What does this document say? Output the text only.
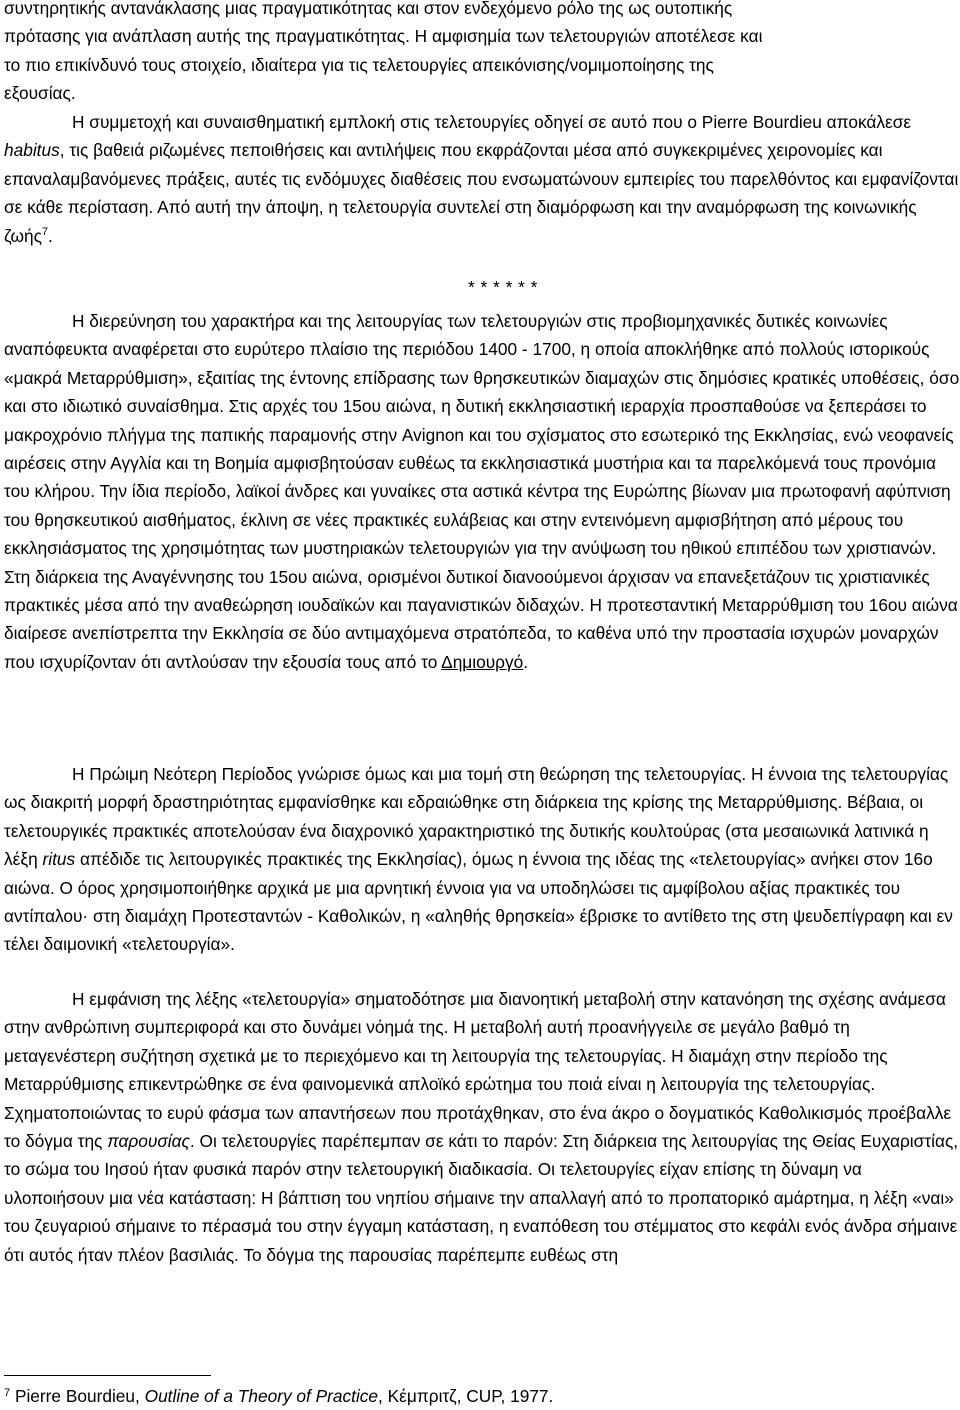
συντηρητικής αντανάκλασης μιας πραγματικότητας και στον ενδεχόμενο ρόλο της ως ουτοπικής
πρότασης για ανάπλαση αυτής της πραγματικότητας. Η αμφισημία των τελετουργιών αποτέλεσε και
το πιο επικίνδυνό τους στοιχείο, ιδιαίτερα για τις τελετουργίες απεικόνισης/νομιμοποίησης της
εξουσίας.

Η συμμετοχή και συναισθηματική εμπλοκή στις τελετουργίες οδηγεί σε αυτό που ο Pierre Bourdieu αποκάλεσε habitus, τις βαθειά ριζωμένες πεποιθήσεις και αντιλήψεις που εκφράζονται μέσα από συγκεκριμένες χειρονομίες και επαναλαμβανόμενες πράξεις, αυτές τις ενδόμυχες διαθέσεις που ενσωματώνουν εμπειρίες του παρελθόντος και εμφανίζονται σε κάθε περίσταση. Από αυτή την άποψη, η τελετουργία συντελεί στη διαμόρφωση και την αναμόρφωση της κοινωνικής ζωής$^7$.

* * * * * *

Η διερεύνηση του χαρακτήρα και της λειτουργίας των τελετουργιών στις προβιομηχανικές δυτικές κοινωνίες αναπόφευκτα αναφέρεται στο ευρύτερο πλαίσιο της περιόδου 1400 - 1700, η οποία αποκλήθηκε από πολλούς ιστορικούς «μακρά Μεταρρύθμιση», εξαιτίας της έντονης επίδρασης των θρησκευτικών διαμαχών στις δημόσιες κρατικές υποθέσεις, όσο και στο ιδιωτικό συναίσθημα. Στις αρχές του 15ου αιώνα, η δυτική εκκλησιαστική ιεραρχία προσπαθούσε να ξεπεράσει το μακροχρόνιο πλήγμα της παπικής παραμονής στην Avignon και του σχίσματος στο εσωτερικό της Εκκλησίας, ενώ νεοφανείς αιρέσεις στην Αγγλία και τη Βοημία αμφισβητούσαν ευθέως τα εκκλησιαστικά μυστήρια και τα παρελκόμενά τους προνόμια του κλήρου. Την ίδια περίοδο, λαϊκοί άνδρες και γυναίκες στα αστικά κέντρα της Ευρώπης βίωναν μια πρωτοφανή αφύπνιση του θρησκευτικού αισθήματος, έκλινη σε νέες πρακτικές ευλάβειας και στην εντεινόμενη αμφισβήτηση από μέρους του εκκλησιάσματος της χρησιμότητας των μυστηριακών τελετουργιών για την ανύψωση του ηθικού επιπέδου των χριστιανών. Στη διάρκεια της Αναγέννησης του 15ου αιώνα, ορισμένοι δυτικοί διανοούμενοι άρχισαν να επανεξετάζουν τις χριστιανικές πρακτικές μέσα από την αναθεώρηση ιουδαϊκών και παγανιστικών διδαχών. Η προτεσταντική Μεταρρύθμιση του 16ου αιώνα διαίρεσε ανεπίστρεπτα την Εκκλησία σε δύο αντιμαχόμενα στρατόπεδα, το καθένα υπό την προστασία ισχυρών μοναρχών που ισχυρίζονταν ότι αντλούσαν την εξουσία τους από το Δημιουργό.

Η Πρώιμη Νεότερη Περίοδος γνώρισε όμως και μια τομή στη θεώρηση της τελετουργίας. Η έννοια της τελετουργίας ως διακριτή μορφή δραστηριότητας εμφανίσθηκε και εδραιώθηκε στη διάρκεια της κρίσης της Μεταρρύθμισης. Βέβαια, οι τελετουργικές πρακτικές αποτελούσαν ένα διαχρονικό χαρακτηριστικό της δυτικής κουλτούρας (στα μεσαιωνικά λατινικά η λέξη ritus απέδιδε τις λειτουργικές πρακτικές της Εκκλησίας), όμως η έννοια της ιδέας της «τελετουργίας» ανήκει στον 16ο αιώνα. Ο όρος χρησιμοποιήθηκε αρχικά με μια αρνητική έννοια για να υποδηλώσει τις αμφίβολου αξίας πρακτικές του αντίπαλου· στη διαμάχη Προτεσταντών - Καθολικών, η «αληθής θρησκεία» έβρισκε το αντίθετο της στη ψευδεπίγραφη και εν τέλει δαιμονική «τελετουργία».

Η εμφάνιση της λέξης «τελετουργία» σηματοδότησε μια διανοητική μεταβολή στην κατανόηση της σχέσης ανάμεσα στην ανθρώπινη συμπεριφορά και στο δυνάμει νόημά της. Η μεταβολή αυτή προανήγγειλε σε μεγάλο βαθμό τη μεταγενέστερη συζήτηση σχετικά με το περιεχόμενο και τη λειτουργία της τελετουργίας. Η διαμάχη στην περίοδο της Μεταρρύθμισης επικεντρώθηκε σε ένα φαινομενικά απλοϊκό ερώτημα του ποιά είναι η λειτουργία της τελετουργίας. Σχηματοποιώντας το ευρύ φάσμα των απαντήσεων που προτάχθηκαν, στο ένα άκρο ο δογματικός Καθολικισμός προέβαλλε το δόγμα της παρουσίας. Οι τελετουργίες παρέπεμπαν σε κάτι το παρόν: Στη διάρκεια της λειτουργίας της Θείας Ευχαριστίας, το σώμα του Ιησού ήταν φυσικά παρόν στην τελετουργική διαδικασία. Οι τελετουργίες είχαν επίσης τη δύναμη να υλοποιήσουν μια νέα κατάσταση: Η βάπτιση του νηπίου σήμαινε την απαλλαγή από το προπατορικό αμάρτημα, η λέξη «ναι» του ζευγαριού σήμαινε το πέρασμά του στην έγγαμη κατάσταση, η εναπόθεση του στέμματος στο κεφάλι ενός άνδρα σήμαινε ότι αυτός ήταν πλέον βασιλιάς. Το δόγμα της παρουσίας παρέπεμπε ευθέως στη

$^7$ Pierre Bourdieu, Outline of a Theory of Practice, Κέμπριτζ, CUP, 1977.
